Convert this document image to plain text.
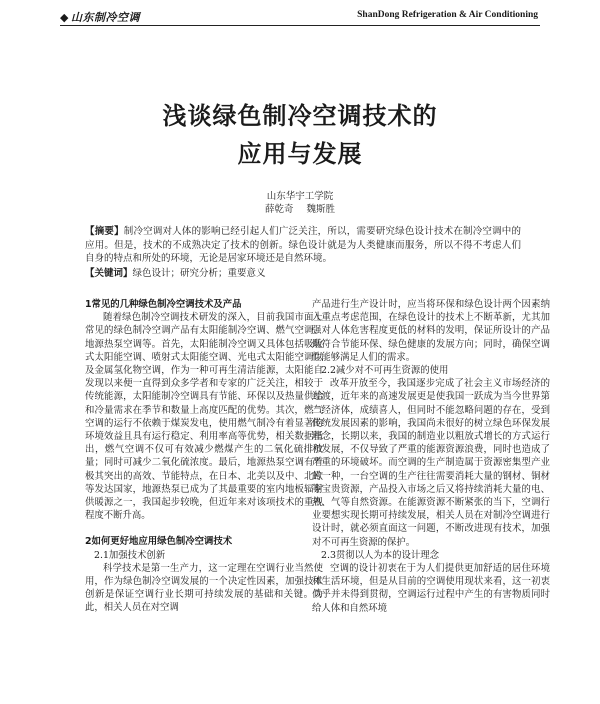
◆ 山东制冷空调	ShanDong Refrigeration & Air Conditioning
浅谈绿色制冷空调技术的
应用与发展
山东华宇工学院
薛乾奇 魏斯胜
【摘要】制冷空调对人体的影响已经引起人们广泛关注，所以，需要研究绿色设计技术在制冷空调中的应用。但是，技术的不成熟决定了技术的创新。绿色设计就是为人类健康而服务，所以不得不考虑人们自身的特点和所处的环境，无论是居家环境还是自然环境。
【关键词】绿色设计；研究分析；重要意义

1常见的几种绿色制冷空调技术及产品

随着绿色制冷空调技术研发的深入，目前我国市面上常见的绿色制冷空调产品有太阳能制冷空调、燃气空调、地源热泵空调等。首先，太阳能制冷空调又具体包括吸收式太阳能空调、喷射式太阳能空调、光电式太阳能空调以及金属氢化物空调，作为一种可再生清洁能源，太阳能自发现以来便一直得到众多学者和专家的广泛关注，相较于传统能源，太阳能制冷空调具有节能、环保以及热量供给和冷量需求在季节和数量上高度匹配的优势。其次，燃气空调的运行不依赖于煤炭发电，使用燃气制冷有着显著的环境效益且具有运行稳定、利用率高等优势，相关数据指出，燃气空调不仅可有效减少燃煤产生的二氧化硫排放量；同时可减少二氧化硫浓度。最后，地源热泵空调有着极其突出的高效、节能特点，在日本、北美以及中、北欧等发达国家，地源热泵已成为了其最重要的室内地板辐射供暖源之一，我国起步较晚，但近年来对该项技术的重视程度不断升高。

2如何更好地应用绿色制冷空调技术

2.1加强技术创新

科学技术是第一生产力，这一定理在空调行业当然使用，作为绿色制冷空调发展的一个决定性因素，加强技术创新是保证空调行业长期可持续发展的基础和关键。为此，相关人员在对空调

产品进行生产设计时，应当将环保和绿色设计两个因素纳入重点考虑范围，在绿色设计的技术上不断革新，尤其加强对人体危害程度更低的材料的发明，保证所设计的产品既符合节能环保、绿色健康的发展方向；同时，确保空调性能够满足人们的需求。

2.2减少对不可再生资源的使用

改革开放至今，我国逐步完成了社会主义市场经济的过渡，近年来的高速发展更是使我国一跃成为当今世界第二经济体，成绩喜人，但同时不能忽略问题的存在，受到传统发展因素的影响，我国尚未很好的树立绿色环保发展理念，长期以来，我国的制造业以粗放式增长的方式运行和发展，不仅导致了严重的能源资源浪费，同时也造成了严重的环境破坏。而空调的生产制造属于资源密集型产业的一种，一台空调的生产往往需要消耗大量的钢材、铜材等宝贵资源，产品投入市场之后又将持续消耗大量的电、热、气等自然资源。在能源资源不断紧张的当下，空调行业要想实现长期可持续发展，相关人员在对制冷空调进行设计时，就必须直面这一问题，不断改进现有技术，加强对不可再生资源的保护。

2.3贯彻以人为本的设计理念

空调的设计初衷在于为人们提供更加舒适的居住环境和生活环境，但是从目前的空调使用现状来看，这一初衷似乎并未得到贯彻，空调运行过程中产生的有害物质同时给人体和自然环境
